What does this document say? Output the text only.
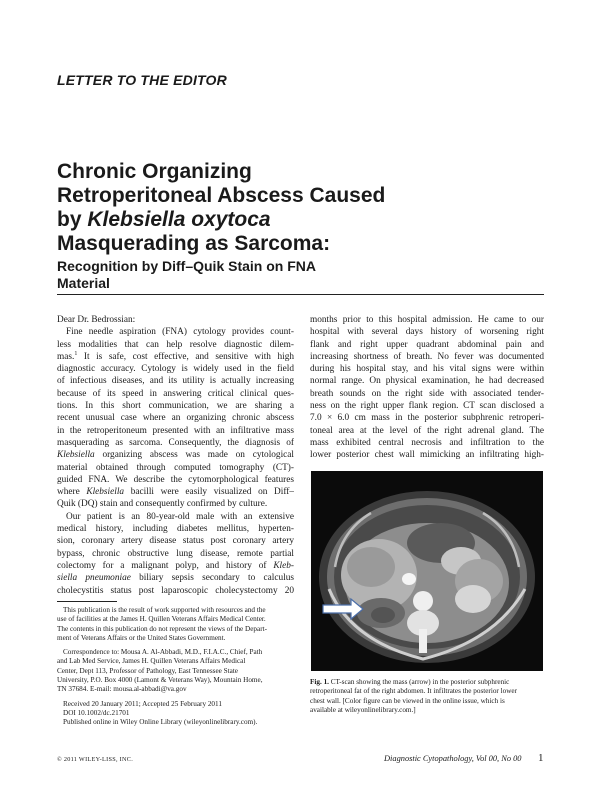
LETTER TO THE EDITOR
Chronic Organizing
Retroperitoneal Abscess Caused
by Klebsiella oxytoca
Masquerading as Sarcoma:
Recognition by Diff–Quik Stain on FNA
Material
Dear Dr. Bedrossian:
Fine needle aspiration (FNA) cytology provides count-
less modalities that can help resolve diagnostic dilem-
mas.$^1$ It is safe, cost effective, and sensitive with high
diagnostic accuracy. Cytology is widely used in the field
of infectious diseases, and its utility is actually increasing
because of its speed in answering critical clinical ques-
tions. In this short communication, we are sharing a
recent unusual case where an organizing chronic abscess
in the retroperitoneum presented with an infiltrative mass
masquerading as sarcoma. Consequently, the diagnosis of
Klebsiella organizing abscess was made on cytological
material obtained through computed tomography (CT)-
guided FNA. We describe the cytomorphological features
where Klebsiella bacilli were easily visualized on Diff–
Quik (DQ) stain and consequently confirmed by culture.
Our patient is an 80-year-old male with an extensive
medical history, including diabetes mellitus, hyperten-
sion, coronary artery disease status post coronary artery
bypass, chronic obstructive lung disease, remote partial
colectomy for a malignant polyp, and history of Kleb-
siella pneumoniae biliary sepsis secondary to calculus
cholecystitis status post laparoscopic cholecystectomy 20
months prior to this hospital admission. He came to our
hospital with several days history of worsening right
flank and right upper quadrant abdominal pain and
increasing shortness of breath. No fever was documented
during his hospital stay, and his vital signs were within
normal range. On physical examination, he had decreased
breath sounds on the right side with associated tender-
ness on the right upper flank region. CT scan disclosed a
7.0 × 6.0 cm mass in the posterior subphrenic retroperi-
toneal area at the level of the right adrenal gland. The
mass exhibited central necrosis and infiltration to the
lower posterior chest wall mimicking an infiltrating high-
Fig. 1. CT-scan showing the mass (arrow) in the posterior subphrenic
retroperitoneal fat of the right abdomen. It infiltrates the posterior lower
chest wall. [Color figure can be viewed in the online issue, which is
available at wileyonlinelibrary.com.]
This publication is the result of work supported with resources and the
use of facilities at the James H. Quillen Veterans Affairs Medical Center.
The contents in this publication do not represent the views of the Depart-
ment of Veterans Affairs or the United States Government.
Correspondence to: Mousa A. Al-Abbadi, M.D., F.I.A.C., Chief, Path
and Lab Med Service, James H. Quillen Veterans Affairs Medical
Center, Dept 113, Professor of Pathology, East Tennessee State
University, P.O. Box 4000 (Lamont & Veterans Way), Mountain Home,
TN 37684. E-mail: mousa.al-abbadi@va.gov
Received 20 January 2011; Accepted 25 February 2011
DOI 10.1002/dc.21701
Published online in Wiley Online Library (wileyonlinelibrary.com).
© 2011 WILEY-LISS, INC.	Diagnostic Cytopathology, Vol 00, No 00 1
